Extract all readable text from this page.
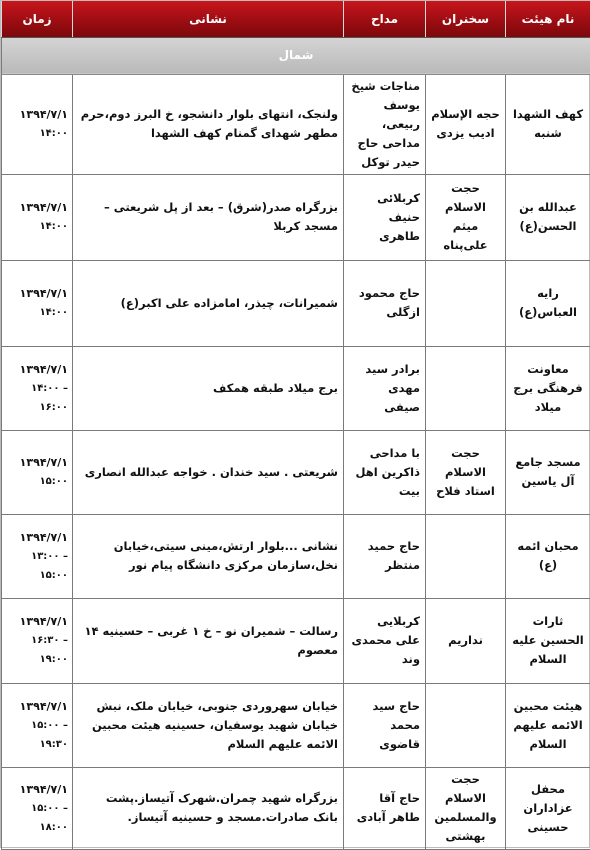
نام هیئت	سخنران	مداح	نشانی	زمان
شمال				
کهف الشهدا شنبه	حجه الإسلام ادیب یزدی	مناجات شیخ یوسف ربیعی، مداحی حاج حیدر توکل	ولنجک، انتهای بلوار دانشجو، خ البرز دوم،حرم مطهر شهدای گمنام کهف الشهدا	۱۳۹۴/۷/۱
۱۴:۰۰

عبدالله بن الحسن(ع)	حجت الاسلام میثم علی‌پناه	کربلائی حنیف طاهری	بزرگراه صدر(شرق) – بعد از پل شریعتی – مسجد کربلا	۱۳۹۴/۷/۱
۱۴:۰۰

رایه العباس(ع)		حاج محمود ازگلی	شمیرانات، چیذر، امامزاده علی اکبر(ع)	۱۳۹۴/۷/۱
۱۴:۰۰

معاونت فرهنگی برج میلاد		برادر سید مهدی صیفی	برج میلاد طبقه همکف	۱۳۹۴/۷/۱
– ۱۴:۰۰ ۱۶:۰۰

مسجد جامع آل یاسین	حجت الاسلام استاد فلاح	با مداحی ذاکرین اهل بیت	شریعتی . سید خندان . خواجه عبدالله انصاری	۱۳۹۴/۷/۱
۱۵:۰۰

محبان ائمه (ع)		حاج حمید منتظر	نشانی ...بلوار ارتش،مینی سیتی،خیابان نخل،سازمان مرکزی دانشگاه پیام نور	۱۳۹۴/۷/۱
– ۱۳:۰۰ ۱۵:۰۰

ثارات الحسین علیه السلام	ندا‌ریم	کربلایی علی محمدی وند	رسالت – شمیران نو – خ ۱ غربی – حسینیه ۱۴ معصوم	۱۳۹۴/۷/۱
– ۱۶:۳۰ ۱۹:۰۰

هیئت محبین الائمه علیهم السلام		حاج سید محمد قاضوی	خیابان سهروردی جنوبی، خیابان ملک، نبش خیابان شهید یوسفیان، حسینیه هیئت محبین الائمه علیهم السلام	۱۳۹۴/۷/۱
– ۱۵:۰۰ ۱۹:۳۰

محفل عزاداران حسینی	حجت الاسلام والمسلمین بهشتی	حاج آقا طاهر آبادی	بزرگراه شهید چمران.شهرک آتیساز.پشت بانک صادرات.مسجد و حسینیه آتیساز.	۱۳۹۴/۷/۱
– ۱۵:۰۰ ۱۸:۰۰
